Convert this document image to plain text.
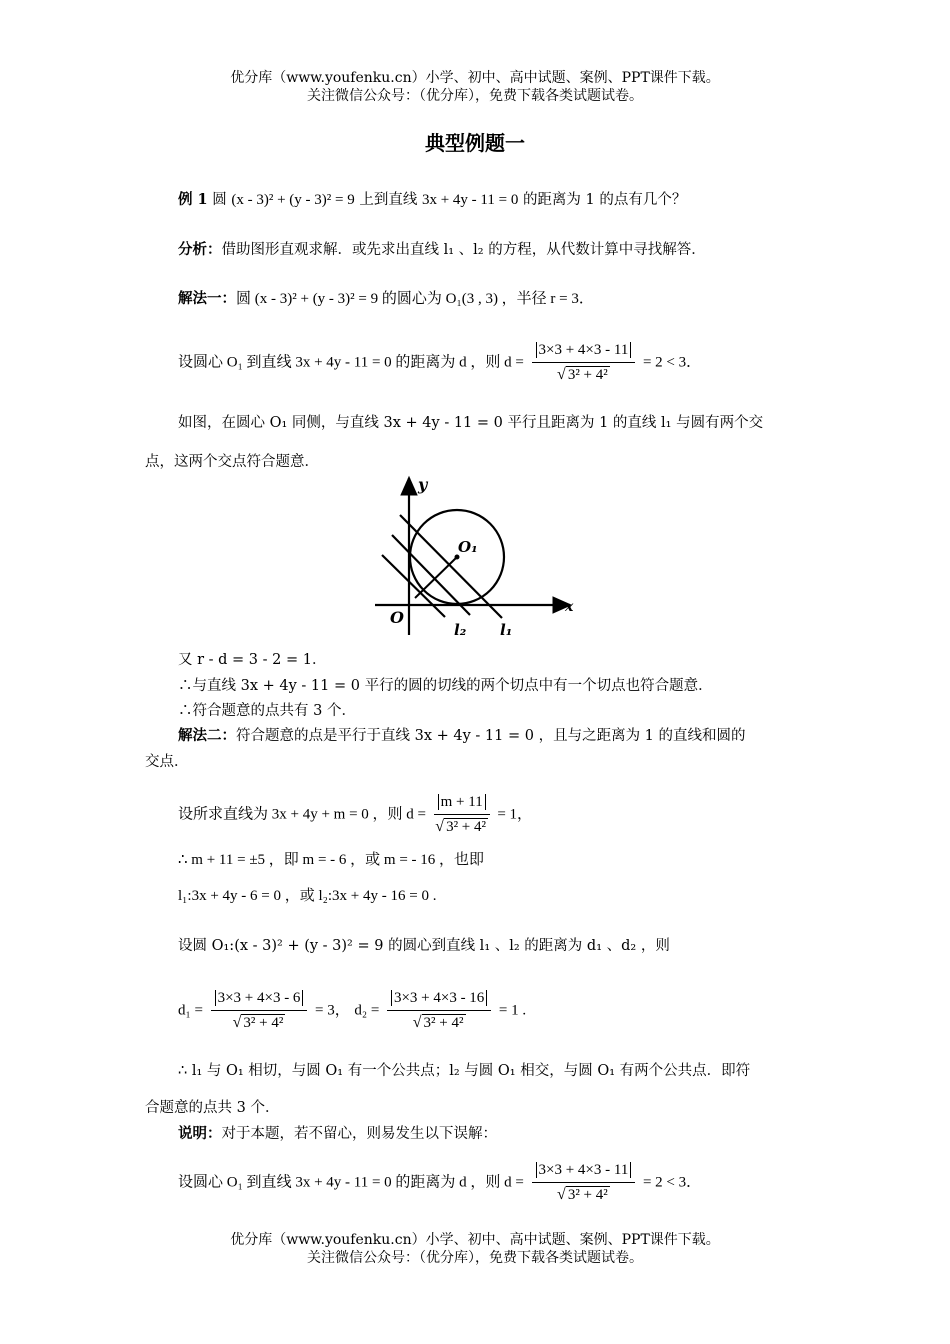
优分库（www.youfenku.cn）小学、初中、高中试题、案例、PPT课件下载。
关注微信公众号：（优分库），免费下载各类试题试卷。
典型例题一
例 1 圆 (x - 3)² + (y - 3)² = 9 上到直线 3x + 4y - 11 = 0 的距离为 1 的点有几个？
分析：借助图形直观求解．或先求出直线 l₁ 、l₂ 的方程，从代数计算中寻找解答．
解法一：圆 (x - 3)² + (y - 3)² = 9 的圆心为 O₁(3 , 3) ，半径 r = 3．
设圆心 O₁ 到直线 3x + 4y - 11 = 0 的距离为 d ，则 $d = \frac{3\times 3 + 4\times 3 - 11}{\text{√ 3² + 4²}} = 2 < 3$．
如图，在圆心 O₁ 同侧，与直线 3x + 4y - 11 = 0 平行且距离为 1 的直线 l₁ 与圆有两个交
点，这两个交点符合题意．
y
x
O
O₁
l₂ l₁
又 r - d = 3 - 2 = 1．
∴与直线 3x + 4y - 11 = 0 平行的圆的切线的两个切点中有一个切点也符合题意．
∴符合题意的点共有 3 个．
解法二：符合题意的点是平行于直线 3x + 4y - 11 = 0 ，且与之距离为 1 的直线和圆的
交点．
设所求直线为 3x + 4y + m = 0 ，则 $d = \frac{m + 11}{\text{√ 3² + 4²}} = 1$，
∴ m + 11 = ±5 ，即 m = - 6 ，或 m = - 16 ，也即
l₁:3x + 4y - 6 = 0 ，或 l₂:3x + 4y - 16 = 0 .
设圆 O₁:(x - 3)² + (y - 3)² = 9 的圆心到直线 l₁ 、l₂ 的距离为 d₁ 、d₂ ，则
$d_1 = \frac{3\times 3 + 4\times 3 - 6}{\text{√ 3² + 4²}} = 3$， $d_2 = \frac{3\times 3 + 4\times 3 - 16}{\text{√ 3² + 4²}} = 1$ .
∴ l₁ 与 O₁ 相切，与圆 O₁ 有一个公共点；l₂ 与圆 O₁ 相交，与圆 O₁ 有两个公共点．即符
合题意的点共 3 个．
说明：对于本题，若不留心，则易发生以下误解：
设圆心 O₁ 到直线 3x + 4y - 11 = 0 的距离为 d ，则 $d = \frac{3\times 3 + 4\times 3 - 11}{\text{√ 3² + 4²}} = 2 < 3$．
优分库（www.youfenku.cn）小学、初中、高中试题、案例、PPT课件下载。
关注微信公众号：（优分库），免费下载各类试题试卷。
